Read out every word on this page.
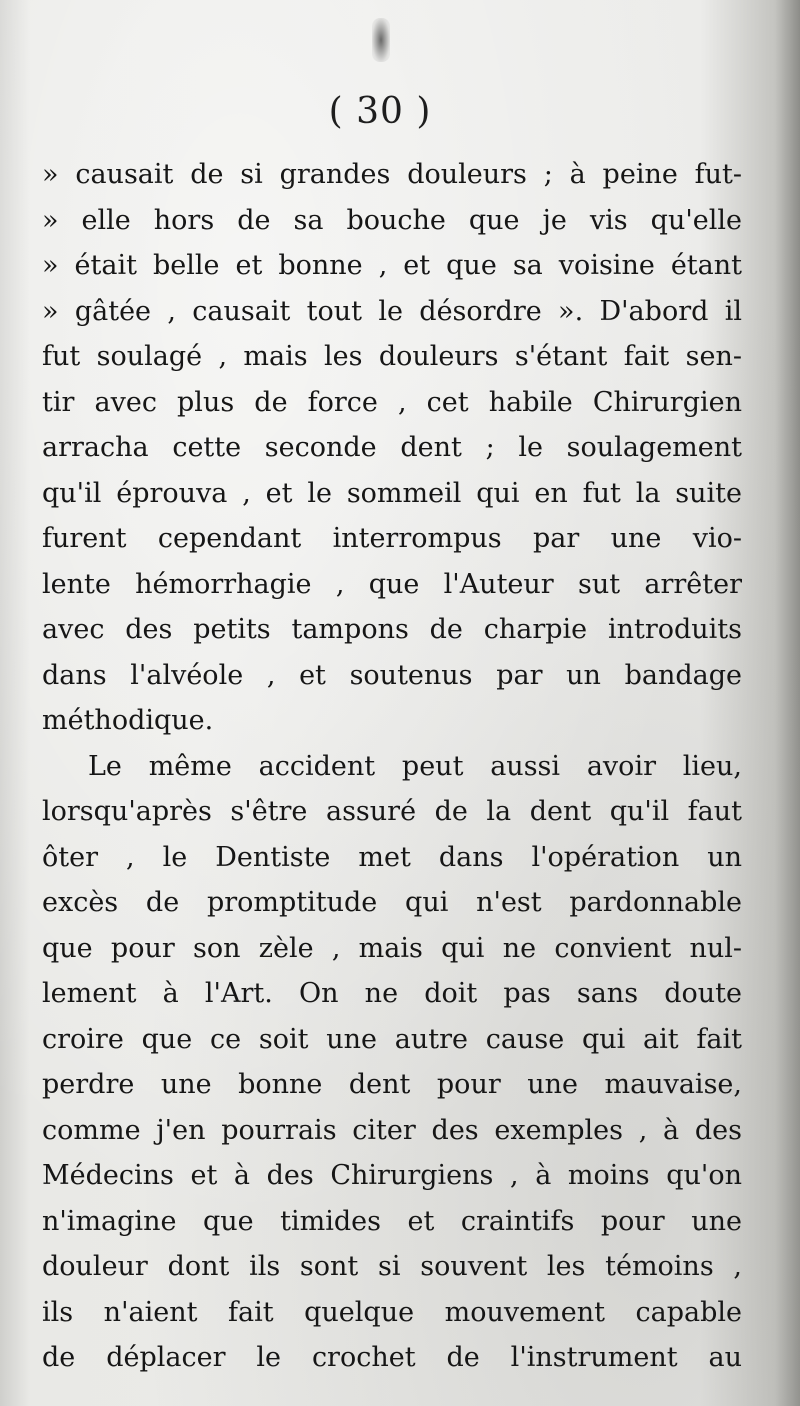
( 30 )
» causait de si grandes douleurs ; à peine fut-
» elle hors de sa bouche que je vis qu'elle
» était belle et bonne , et que sa voisine étant
» gâtée , causait tout le désordre ». D'abord il
fut soulagé , mais les douleurs s'étant fait sen-
tir avec plus de force , cet habile Chirurgien
arracha cette seconde dent ; le soulagement
qu'il éprouva , et le sommeil qui en fut la suite
furent cependant interrompus par une vio-
lente hémorrhagie , que l'Auteur sut arrêter
avec des petits tampons de charpie introduits
dans l'alvéole , et soutenus par un bandage
méthodique.
Le même accident peut aussi avoir lieu,
lorsqu'après s'être assuré de la dent qu'il faut
ôter , le Dentiste met dans l'opération un
excès de promptitude qui n'est pardonnable
que pour son zèle , mais qui ne convient nul-
lement à l'Art. On ne doit pas sans doute
croire que ce soit une autre cause qui ait fait
perdre une bonne dent pour une mauvaise,
comme j'en pourrais citer des exemples , à des
Médecins et à des Chirurgiens , à moins qu'on
n'imagine que timides et craintifs pour une
douleur dont ils sont si souvent les témoins ,
ils n'aient fait quelque mouvement capable
de déplacer le crochet de l'instrument au
